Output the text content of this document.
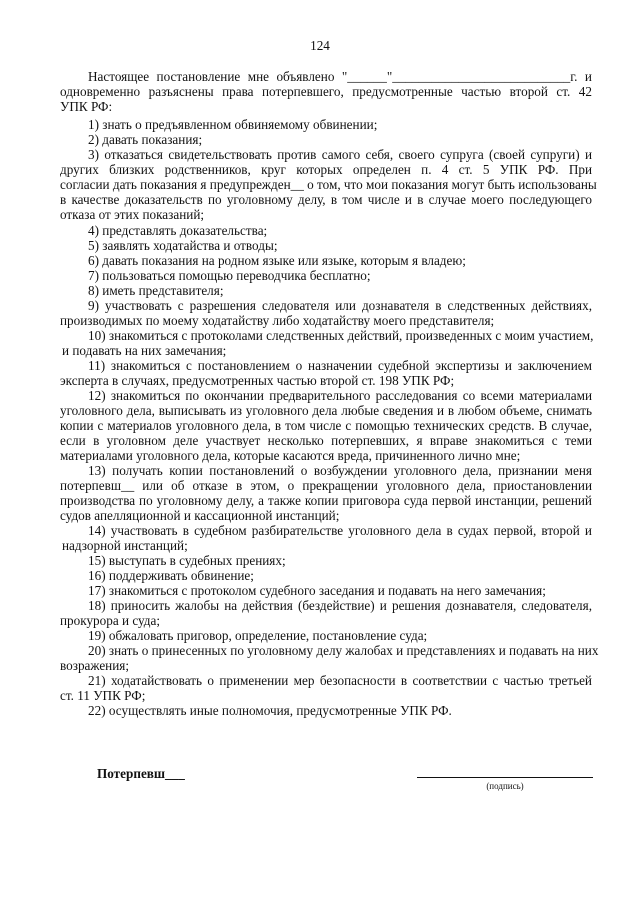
124
Настоящее постановление мне объявлено "______"___________________________г. и
одновременно разъяснены права потерпевшего, предусмотренные частью второй ст. 42
УПК РФ:
1) знать о предъявленном обвиняемому обвинении;
2) давать показания;
3) отказаться свидетельствовать против самого себя, своего супруга (своей супруги) и
других близких родственников, круг которых определен п. 4 ст. 5 УПК РФ. При
согласии дать показания я предупрежден__ о том, что мои показания могут быть использованы
в качестве доказательств по уголовному делу, в том числе и в случае моего последующего
отказа от этих показаний;
4) представлять доказательства;
5) заявлять ходатайства и отводы;
6) давать показания на родном языке или языке, которым я владею;
7) пользоваться помощью переводчика бесплатно;
8) иметь представителя;
9) участвовать с разрешения следователя или дознавателя в следственных действиях,
производимых по моему ходатайству либо ходатайству моего представителя;
10) знакомиться с протоколами следственных действий, произведенных с моим участием,
и подавать на них замечания;
11) знакомиться с постановлением о назначении судебной экспертизы и заключением
эксперта в случаях, предусмотренных частью второй ст. 198 УПК РФ;
12) знакомиться по окончании предварительного расследования со всеми материалами
уголовного дела, выписывать из уголовного дела любые сведения и в любом объеме, снимать
копии с материалов уголовного дела, в том числе с помощью технических средств. В случае,
если в уголовном деле участвует несколько потерпевших, я вправе знакомиться с теми
материалами уголовного дела, которые касаются вреда, причиненного лично мне;
13) получать копии постановлений о возбуждении уголовного дела, признании меня
потерпевш__ или об отказе в этом, о прекращении уголовного дела, приостановлении
производства по уголовному делу, а также копии приговора суда первой инстанции, решений
судов апелляционной и кассационной инстанций;
14) участвовать в судебном разбирательстве уголовного дела в судах первой, второй и
надзорной инстанций;
15) выступать в судебных прениях;
16) поддерживать обвинение;
17) знакомиться с протоколом судебного заседания и подавать на него замечания;
18) приносить жалобы на действия (бездействие) и решения дознавателя, следователя,
прокурора и суда;
19) обжаловать приговор, определение, постановление суда;
20) знать о принесенных по уголовному делу жалобах и представлениях и подавать на них
возражения;
21) ходатайствовать о применении мер безопасности в соответствии с частью третьей
ст. 11 УПК РФ;
22) осуществлять иные полномочия, предусмотренные УПК РФ.
Потерпевш___
(подпись)
